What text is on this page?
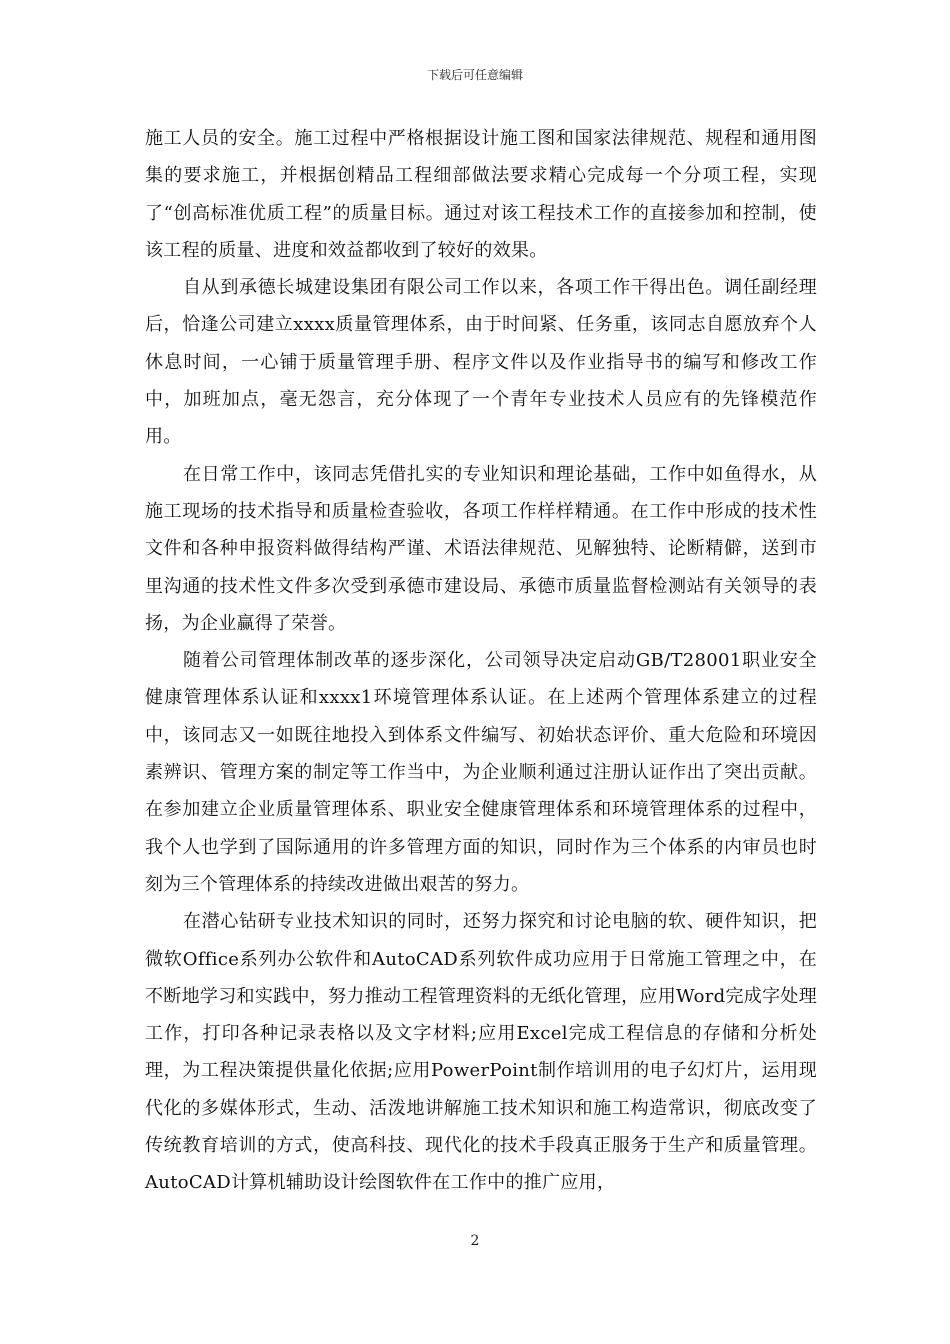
下载后可任意编辑

施工人员的安全。施工过程中严格根据设计施工图和国家法律规范、规程和通用图集的要求施工，并根据创精品工程细部做法要求精心完成每一个分项工程，实现了“创高标准优质工程”的质量目标。通过对该工程技术工作的直接参加和控制，使该工程的质量、进度和效益都收到了较好的效果。

自从到承德长城建设集团有限公司工作以来，各项工作干得出色。调任副经理后，恰逢公司建立xxxx质量管理体系，由于时间紧、任务重，该同志自愿放弃个人休息时间，一心铺于质量管理手册、程序文件以及作业指导书的编写和修改工作中，加班加点，毫无怨言，充分体现了一个青年专业技术人员应有的先锋模范作用。

在日常工作中，该同志凭借扎实的专业知识和理论基础，工作中如鱼得水，从施工现场的技术指导和质量检查验收，各项工作样样精通。在工作中形成的技术性文件和各种申报资料做得结构严谨、术语法律规范、见解独特、论断精僻，送到市里沟通的技术性文件多次受到承德市建设局、承德市质量监督检测站有关领导的表扬，为企业赢得了荣誉。

随着公司管理体制改革的逐步深化，公司领导决定启动GB/T28001职业安全健康管理体系认证和xxxx1环境管理体系认证。在上述两个管理体系建立的过程中，该同志又一如既往地投入到体系文件编写、初始状态评价、重大危险和环境因素辨识、管理方案的制定等工作当中，为企业顺利通过注册认证作出了突出贡献。在参加建立企业质量管理体系、职业安全健康管理体系和环境管理体系的过程中，我个人也学到了国际通用的许多管理方面的知识，同时作为三个体系的内审员也时刻为三个管理体系的持续改进做出艰苦的努力。

在潜心钻研专业技术知识的同时，还努力探究和讨论电脑的软、硬件知识，把微软Office系列办公软件和AutoCAD系列软件成功应用于日常施工管理之中，在不断地学习和实践中，努力推动工程管理资料的无纸化管理，应用Word完成字处理工作，打印各种记录表格以及文字材料;应用Excel完成工程信息的存储和分析处理，为工程决策提供量化依据;应用PowerPoint制作培训用的电子幻灯片，运用现代化的多媒体形式，生动、活泼地讲解施工技术知识和施工构造常识，彻底改变了传统教育培训的方式，使高科技、现代化的技术手段真正服务于生产和质量管理。AutoCAD计算机辅助设计绘图软件在工作中的推广应用，

2
